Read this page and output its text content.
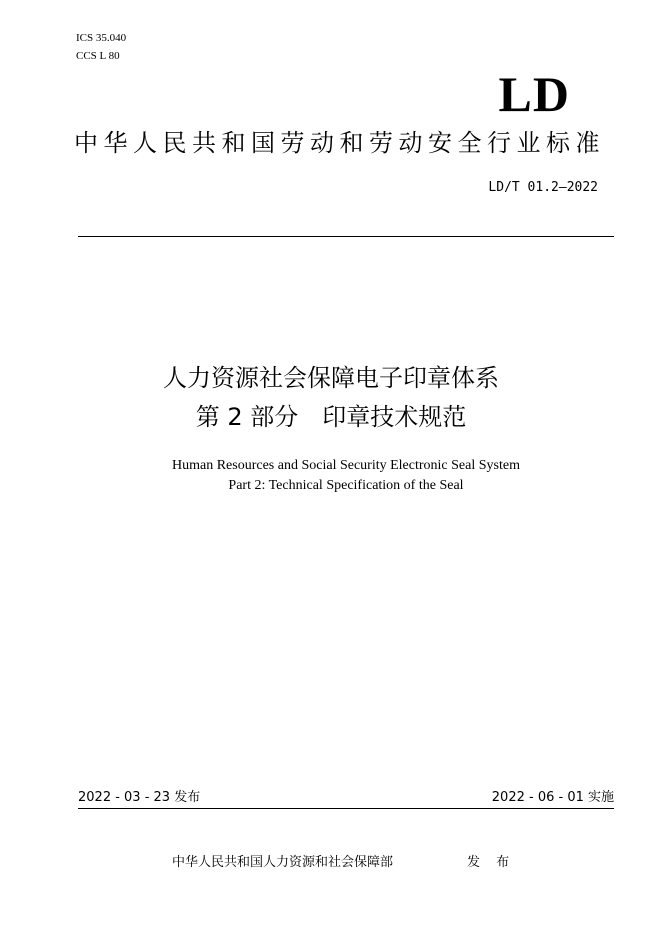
ICS 35.040
CCS L 80
LD
中华人民共和国劳动和劳动安全行业标准
LD/T 01.2—2022
人力资源社会保障电子印章体系
第 2 部分　印章技术规范
Human Resources and Social Security Electronic Seal System
Part 2: Technical Specification of the Seal
2022 - 03 - 23 发布	2022 - 06 - 01 实施
中华人民共和国人力资源和社会保障部	发 布
